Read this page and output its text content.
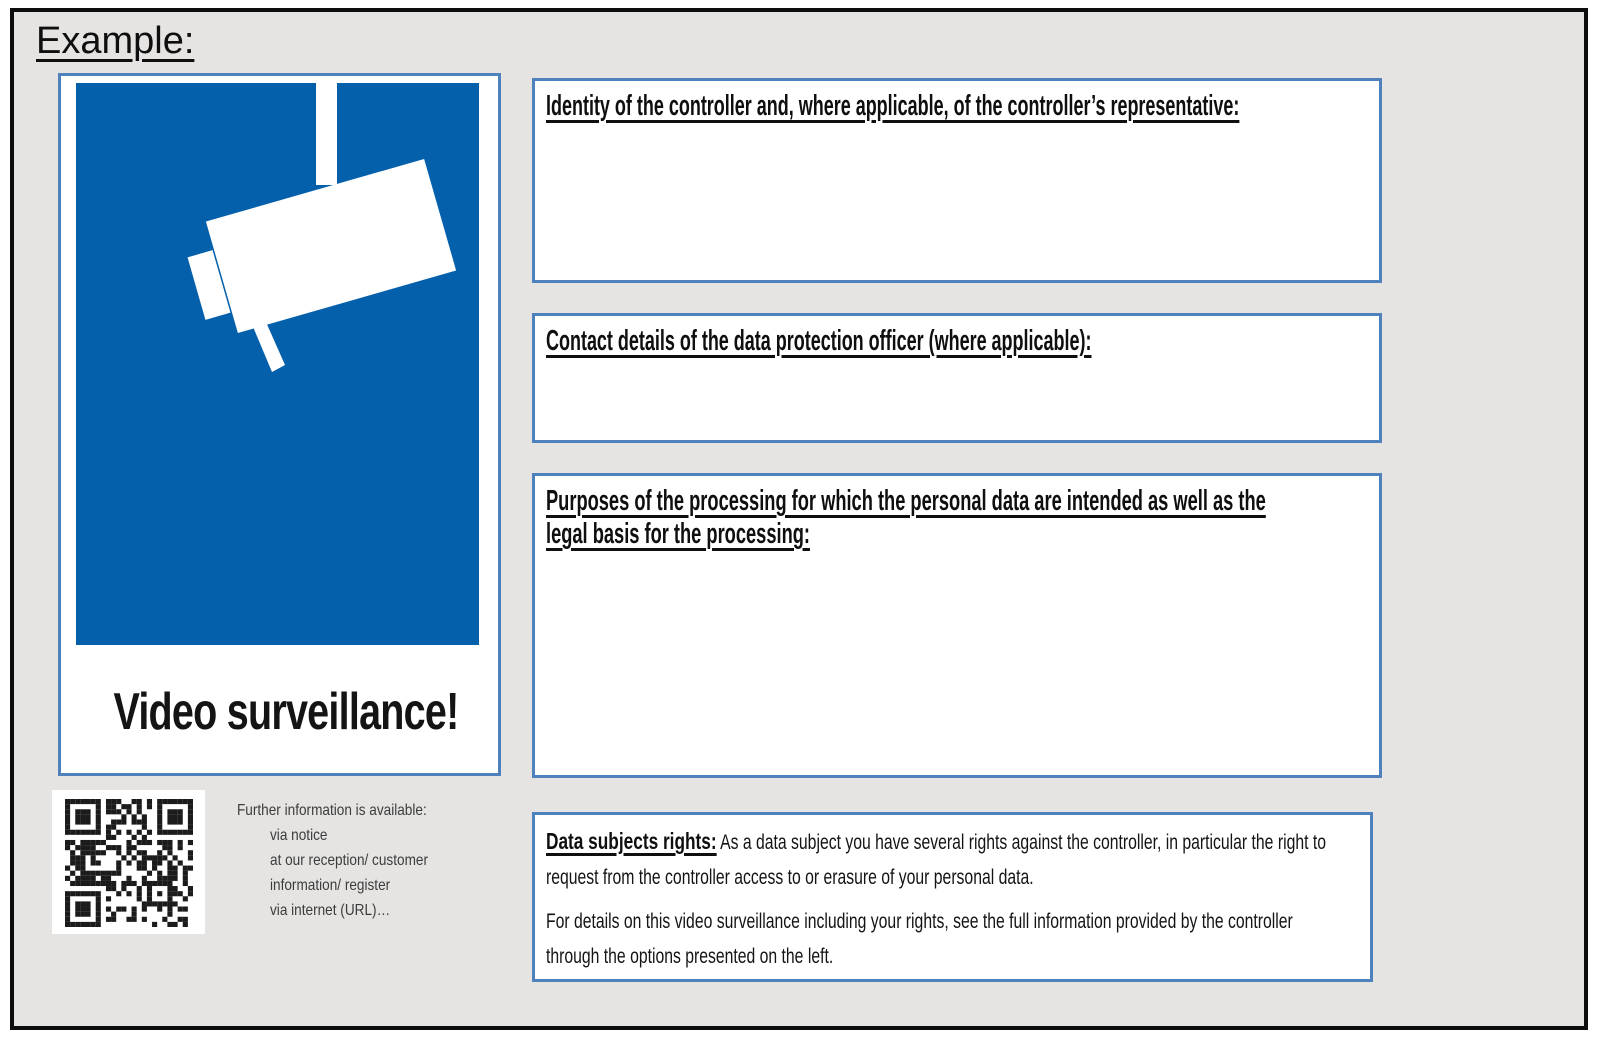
Example:
Video surveillance!
Further information is available:
via notice
at our reception/ customer
information/ register
via internet (URL)…
Identity of the controller and, where applicable, of the controller’s representative:
Contact details of the data protection officer (where applicable):
Purposes of the processing for which the personal data are intended as well as the legal basis for the processing:

Data subjects rights: As a data subject you have several rights against the controller, in particular the right to request from the controller access to or erasure of your personal data.

For details on this video surveillance including your rights, see the full information provided by the controller through the options presented on the left.
